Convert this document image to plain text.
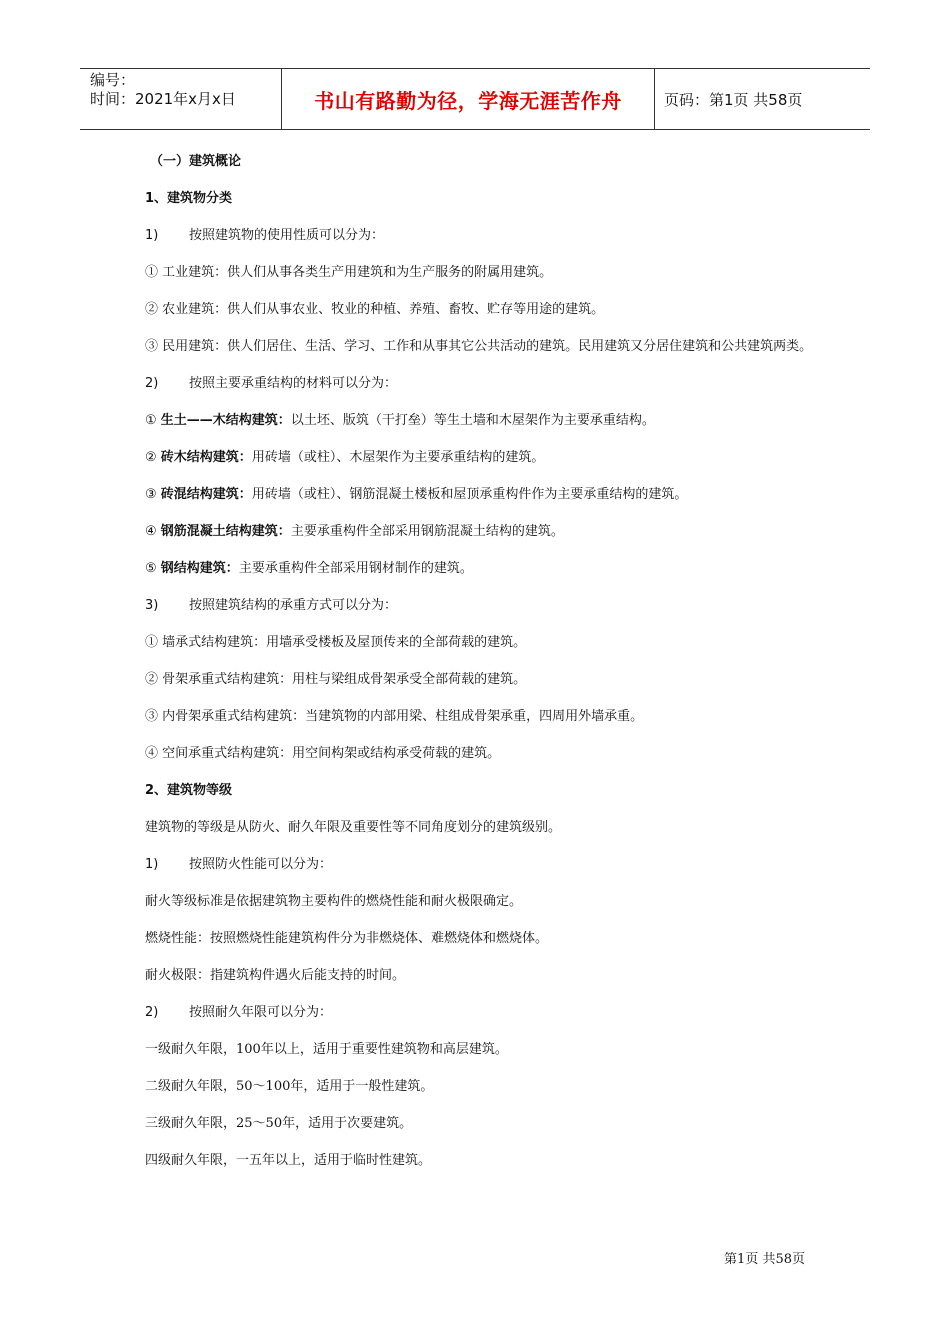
编号：
时间：2021年x月x日	书山有路勤为径，学海无涯苦作舟	页码：第1页 共58页
（一）建筑概论
1、建筑物分类
1) 按照建筑物的使用性质可以分为：
① 工业建筑：供人们从事各类生产用建筑和为生产服务的附属用建筑。
② 农业建筑：供人们从事农业、牧业的种植、养殖、畜牧、贮存等用途的建筑。
③ 民用建筑：供人们居住、生活、学习、工作和从事其它公共活动的建筑。民用建筑又分居住建筑和公共建筑两类。
2) 按照主要承重结构的材料可以分为：
① 生土——木结构建筑：以土坯、版筑（干打垒）等生土墙和木屋架作为主要承重结构。
② 砖木结构建筑：用砖墙（或柱）、木屋架作为主要承重结构的建筑。
③ 砖混结构建筑：用砖墙（或柱）、钢筋混凝土楼板和屋顶承重构件作为主要承重结构的建筑。
④ 钢筋混凝土结构建筑：主要承重构件全部采用钢筋混凝土结构的建筑。
⑤ 钢结构建筑：主要承重构件全部采用钢材制作的建筑。
3) 按照建筑结构的承重方式可以分为：
① 墙承式结构建筑：用墙承受楼板及屋顶传来的全部荷载的建筑。
② 骨架承重式结构建筑：用柱与梁组成骨架承受全部荷载的建筑。
③ 内骨架承重式结构建筑：当建筑物的内部用梁、柱组成骨架承重，四周用外墙承重。
④ 空间承重式结构建筑：用空间构架或结构承受荷载的建筑。
2、建筑物等级
建筑物的等级是从防火、耐久年限及重要性等不同角度划分的建筑级别。
1) 按照防火性能可以分为：
耐火等级标准是依据建筑物主要构件的燃烧性能和耐火极限确定。
燃烧性能：按照燃烧性能建筑构件分为非燃烧体、难燃烧体和燃烧体。
耐火极限：指建筑构件遇火后能支持的时间。
2) 按照耐久年限可以分为：
一级耐久年限，100年以上，适用于重要性建筑物和高层建筑。
二级耐久年限，50～100年，适用于一般性建筑。
三级耐久年限，25～50年，适用于次要建筑。
四级耐久年限，一五年以上，适用于临时性建筑。
第1页 共58页
